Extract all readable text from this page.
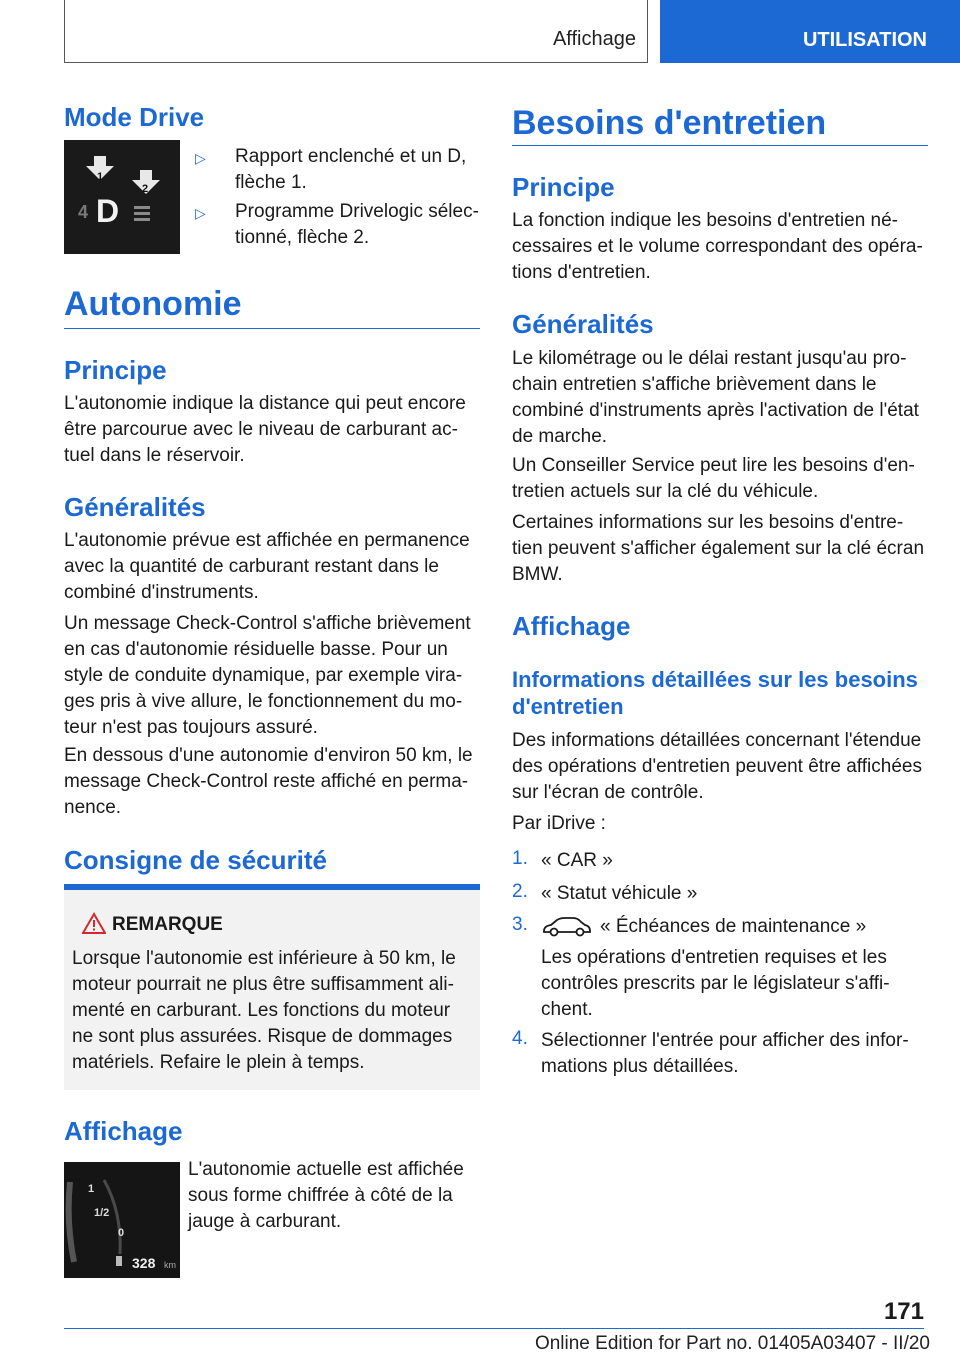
Affichage	UTILISATION
Mode Drive
1
2
4 D
▷ Rapport enclenché et un D, flèche 1.
▷ Programme Drivelogic sélec-tionné, flèche 2.
Autonomie
Principe

L'autonomie indique la distance qui peut encore être parcourue avec le niveau de carburant ac-tuel dans le réservoir.

Généralités

L'autonomie prévue est affichée en permanence avec la quantité de carburant restant dans le combiné d'instruments.

Un message Check-Control s'affiche brièvement en cas d'autonomie résiduelle basse. Pour un style de conduite dynamique, par exemple vira-ges pris à vive allure, le fonctionnement du mo-teur n'est pas toujours assuré.

En dessous d'une autonomie d'environ 50 km, le message Check-Control reste affiché en perma-nence.

Consigne de sécurité
REMARQUE

Lorsque l'autonomie est inférieure à 50 km, le moteur pourrait ne plus être suffisamment ali-menté en carburant. Les fonctions du moteur ne sont plus assurées. Risque de dommages matériels. Refaire le plein à temps.

Affichage
1
1/2
0
328 km

L'autonomie actuelle est affichée sous forme chiffrée à côté de la jauge à carburant.

Besoins d'entretien
Principe

La fonction indique les besoins d'entretien né-cessaires et le volume correspondant des opéra-tions d'entretien.

Généralités

Le kilométrage ou le délai restant jusqu'au pro-chain entretien s'affiche brièvement dans le combiné d'instruments après l'activation de l'état de marche.

Un Conseiller Service peut lire les besoins d'en-tretien actuels sur la clé du véhicule.

Certaines informations sur les besoins d'entre-tien peuvent s'afficher également sur la clé écran BMW.

Affichage
Informations détaillées sur les besoins d'entretien

Des informations détaillées concernant l'étendue des opérations d'entretien peuvent être affichées sur l'écran de contrôle.

Par iDrive :

1. « CAR »
2. « Statut véhicule »
3.	« Échéances de maintenance »

Les opérations d'entretien requises et les contrôles prescrits par le législateur s'affi-chent.

4. Sélectionner l'entrée pour afficher des infor-mations plus détaillées.
171
Online Edition for Part no. 01405A03407 - II/20
